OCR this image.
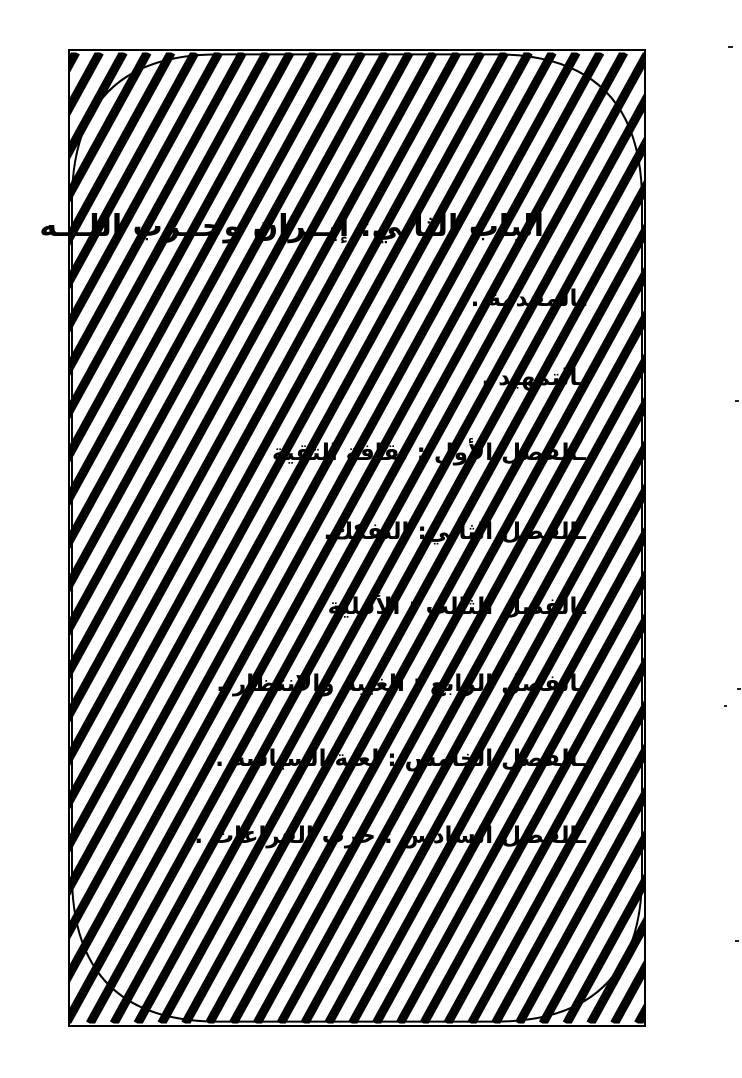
الباب الثاني: إيــران وحــزب اللـــه
ـالمقدمة .
ـالتمهيد .
ـالفصل الأول : ثقافة التقية .
ـالفصل الثاني: التفكك.
ـالفصل الثالث : الأقلية .
ـالفصل الرابع : الغيبة والانتظار .
ـالفصل الخامس : لعبة السياسة .
ـالفصل السادس : حرب الفراغات .
